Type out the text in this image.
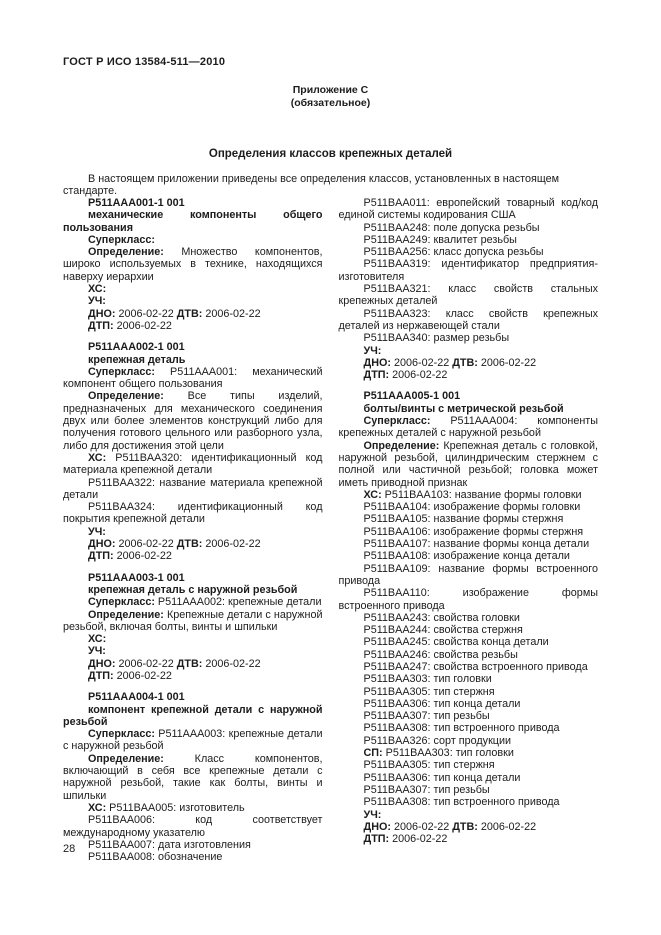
ГОСТ Р ИСО 13584-511—2010
Приложение С
(обязательное)
Определения классов крепежных деталей
В настоящем приложении приведены все определения классов, установленных в настоящем стандарте.
P511AAA001-1 001
механические компоненты общего пользования
Суперкласс:
Определение: Множество компонентов, широко используемых в технике, находящихся наверху иерархии
ХС:
УЧ:
ДНО: 2006-02-22 ДТВ: 2006-02-22
ДТП: 2006-02-22
P511AAA002-1 001
крепежная деталь
Суперкласс: P511AAA001: механический компонент общего пользования
Определение: Все типы изделий, предназначеных для механического соединения двух или более элементов конструкций либо для получения готового цельного или разборного узла, либо для достижения этой цели
ХС: P511BAA320: идентификационный код материала крепежной детали
P511BAA322: название материала крепежной детали
P511BAA324: идентификационный код покрытия крепежной детали
УЧ:
ДНО: 2006-02-22 ДТВ: 2006-02-22
ДТП: 2006-02-22
P511AAA003-1 001
крепежная деталь с наружной резьбой
Суперкласс: P511AAA002: крепежные детали
Определение: Крепежные детали с наружной резьбой, включая болты, винты и шпильки
ХС:
УЧ:
ДНО: 2006-02-22 ДТВ: 2006-02-22
ДТП: 2006-02-22
P511AAA004-1 001
компонент крепежной детали с наружной резьбой
Суперкласс: P511AAA003: крепежные детали с наружной резьбой
Определение: Класс компонентов, включающий в себя все крепежные детали с наружной резьбой, такие как болты, винты и шпильки
ХС: P511BAA005: изготовитель
P511BAA006: код соответствует международному указателю
P511BAA007: дата изготовления
P511BAA008: обозначение
P511BAA011: европейский товарный код/код единой системы кодирования США
P511BAA248: поле допуска резьбы
P511BAA249: квалитет резьбы
P511BAA256: класс допуска резьбы
P511BAA319: идентификатор предприятия-изготовителя
P511BAA321: класс свойств стальных крепежных деталей
P511BAA323: класс свойств крепежных деталей из нержавеющей стали
P511BAA340: размер резьбы
УЧ:
ДНО: 2006-02-22 ДТВ: 2006-02-22
ДТП: 2006-02-22
P511AAA005-1 001
болты/винты с метрической резьбой
Суперкласс: P511AAA004: компоненты крепежных деталей с наружной резьбой
Определение: Крепежная деталь с головкой, наружной резьбой, цилиндрическим стержнем с полной или частичной резьбой; головка может иметь приводной признак
ХС: P511BAA103: название формы головки
P511BAA104: изображение формы головки
P511BAA105: название формы стержня
P511BAA106: изображение формы стержня
P511BAA107: название формы конца детали
P511BAA108: изображение конца детали
P511BAA109: название формы встроенного привода
P511BAA110: изображение формы встроенного привода
P511BAA243: свойства головки
P511BAA244: свойства стержня
P511BAA245: свойства конца детали
P511BAA246: свойства резьбы
P511BAA247: свойства встроенного привода
P511BAA303: тип головки
P511BAA305: тип стержня
P511BAA306: тип конца детали
P511BAA307: тип резьбы
P511BAA308: тип встроенного привода
P511BAA326: сорт продукции
СП: P511BAA303: тип головки
P511BAA305: тип стержня
P511BAA306: тип конца детали
P511BAA307: тип резьбы
P511BAA308: тип встроенного привода
УЧ:
ДНО: 2006-02-22 ДТВ: 2006-02-22
ДТП: 2006-02-22
28
